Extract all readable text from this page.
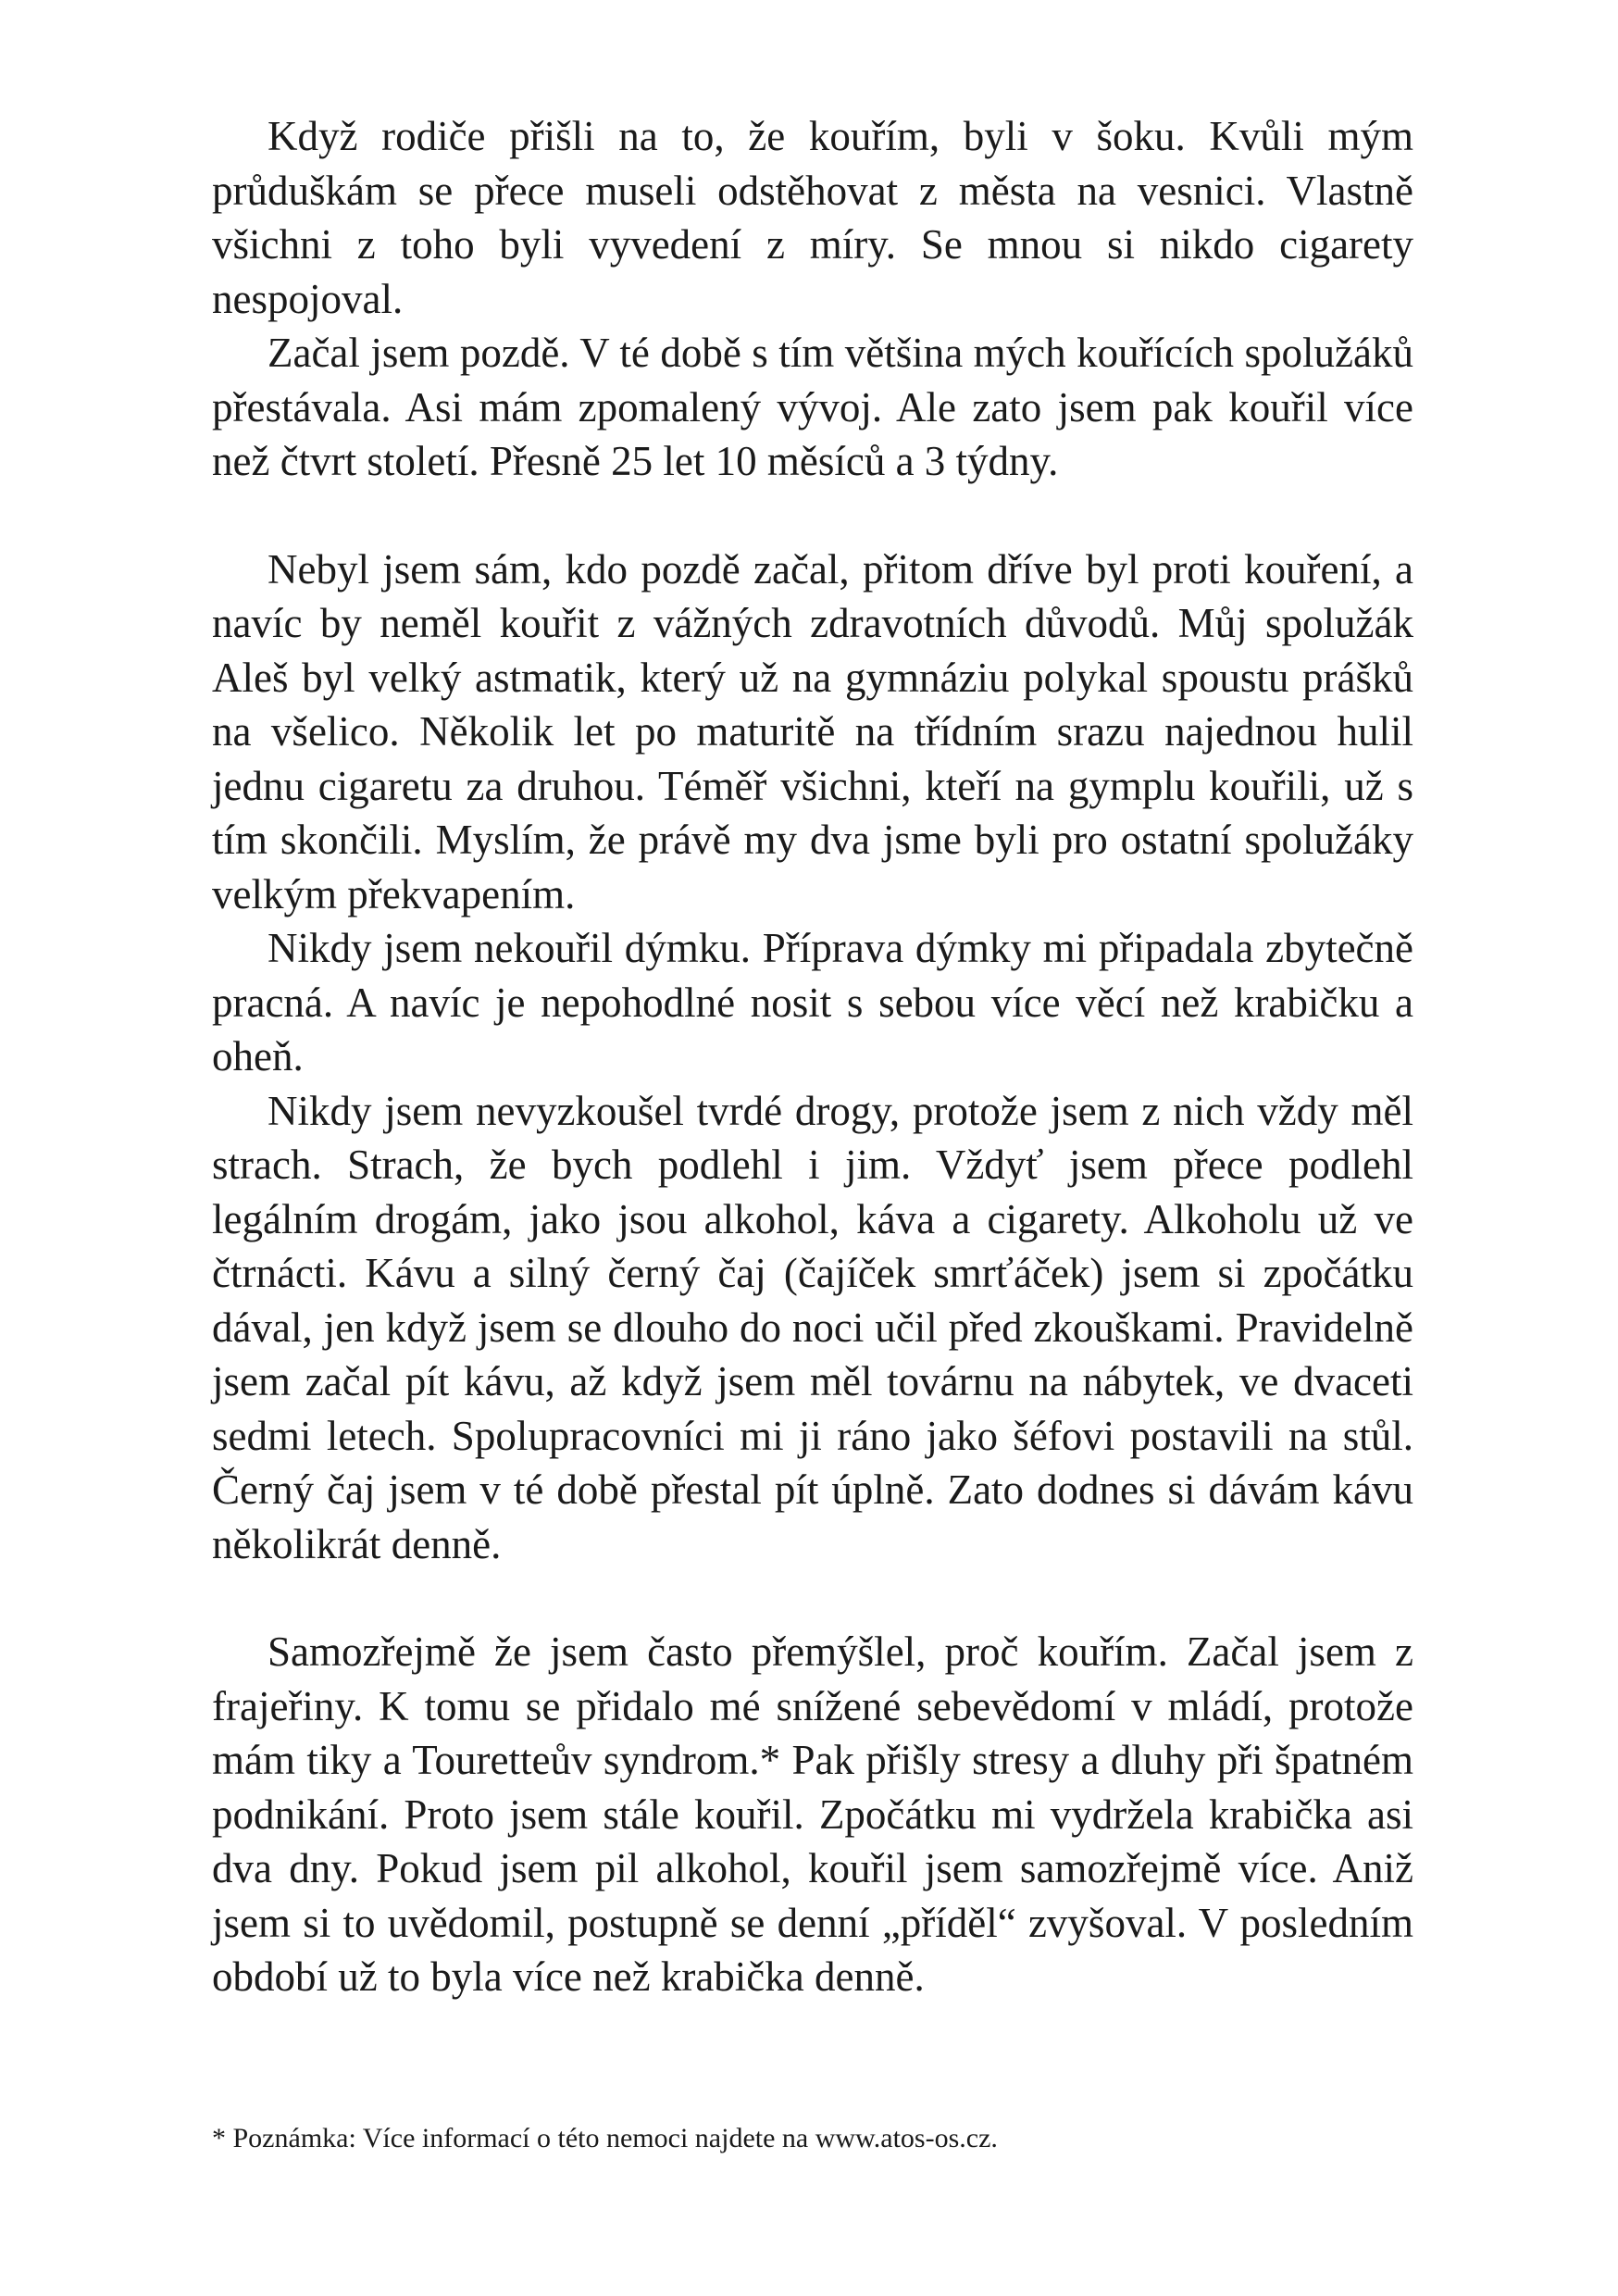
Když rodiče přišli na to, že kouřím, byli v šoku. Kvůli mým průduškám se přece museli odstěhovat z města na vesnici. Vlastně všichni z toho byli vyvedení z míry. Se mnou si nikdo cigarety nespojoval.

Začal jsem pozdě. V té době s tím většina mých kouřících spolužáků přestávala. Asi mám zpomalený vývoj. Ale zato jsem pak kouřil více než čtvrt století. Přesně 25 let 10 měsíců a 3 týdny.

Nebyl jsem sám, kdo pozdě začal, přitom dříve byl proti kouření, a navíc by neměl kouřit z vážných zdravotních důvodů. Můj spolužák Aleš byl velký astmatik, který už na gymnáziu polykal spoustu prášků na všelico. Několik let po maturitě na třídním srazu najednou hulil jednu cigaretu za druhou. Téměř všichni, kteří na gymplu kouřili, už s tím skončili. Myslím, že právě my dva jsme byli pro ostatní spolužáky velkým překvapením.

Nikdy jsem nekouřil dýmku. Příprava dýmky mi připadala zbytečně pracná. A navíc je nepohodlné nosit s sebou více věcí než krabičku a oheň.

Nikdy jsem nevyzkoušel tvrdé drogy, protože jsem z nich vždy měl strach. Strach, že bych podlehl i jim. Vždyť jsem přece podlehl legálním drogám, jako jsou alkohol, káva a cigarety. Alkoholu už ve čtrnácti. Kávu a silný černý čaj (čajíček smrťáček) jsem si zpočátku dával, jen když jsem se dlouho do noci učil před zkouškami. Pravidelně jsem začal pít kávu, až když jsem měl továrnu na nábytek, ve dvaceti sedmi letech. Spolupracovníci mi ji ráno jako šéfovi postavili na stůl. Černý čaj jsem v té době přestal pít úplně. Zato dodnes si dávám kávu několikrát denně.

Samozřejmě že jsem často přemýšlel, proč kouřím. Začal jsem z frajeřiny. K tomu se přidalo mé snížené sebevědomí v mládí, protože mám tiky a Touretteův syndrom.* Pak přišly stresy a dluhy při špatném podnikání. Proto jsem stále kouřil. Zpočátku mi vydržela krabička asi dva dny. Pokud jsem pil alkohol, kouřil jsem samozřejmě více. Aniž jsem si to uvědomil, postupně se denní „příděl“ zvyšoval. V posledním období už to byla více než krabička denně.

* Poznámka: Více informací o této nemoci najdete na www.atos-os.cz.
